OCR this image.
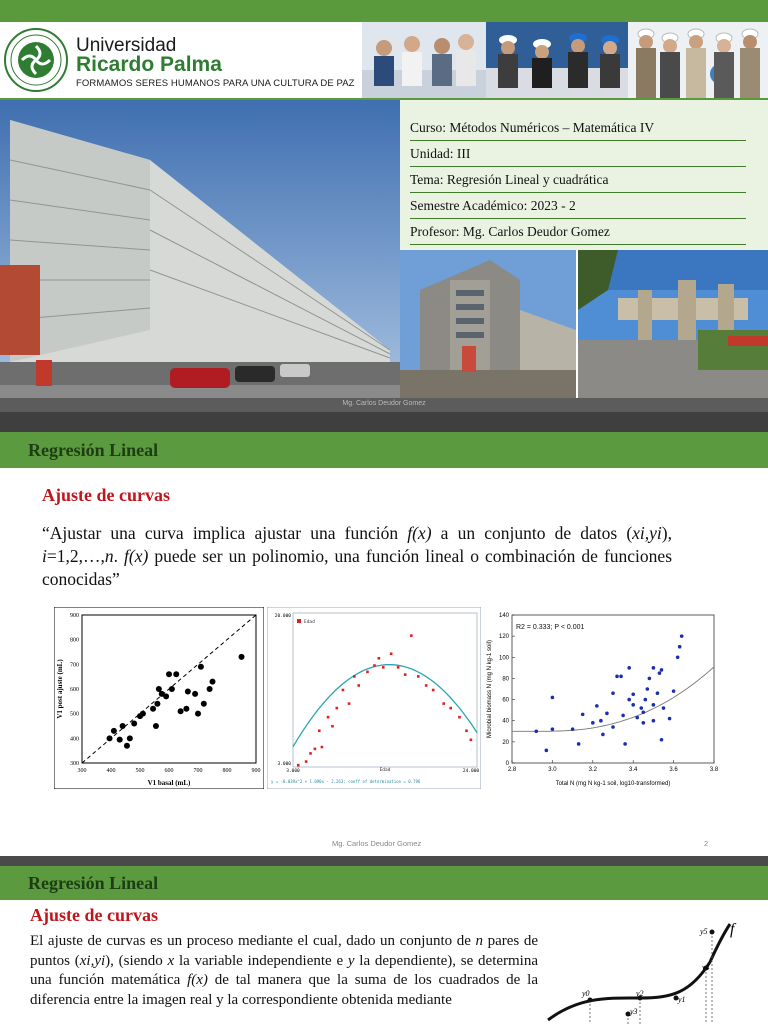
Universidad
Ricardo Palma
FORMAMOS SERES HUMANOS PARA UNA CULTURA DE PAZ
Curso: Métodos Numéricos – Matemática IV
Unidad: III
Tema: Regresión Lineal y cuadrática
Semestre Académico: 2023 - 2
Profesor: Mg. Carlos Deudor Gomez
Mg. Carlos Deudor Gomez
Regresión Lineal
Ajuste de curvas
“Ajustar una curva implica ajustar una función f(x) a un conjunto de datos (xi,yi), i=1,2,…,n. f(x) puede ser un polinomio, una función lineal o combinación de funciones conocidas”
300	400	500	600	700	800	900
300
400
500
600
700
800
900
V1 basal (mL)
V1 post ajuste (mL)
3.000	24.000
3.000
20.000
Edad
Edad
y = -0.039x^2 + 1.090x - 2.263; coeff of determination = 0.796
2.8	3.0	3.2	3.4	3.6	3.8
0
20
40
60
80
100
120
140
R2 = 0.333; P < 0.001
Total N (mg N kg-1 soil, log10-transformed)
Microbial biomass N (mg N kg-1 soil)
Mg. Carlos Deudor Gomez	2
Regresión Lineal
Ajuste de curvas
El ajuste de curvas es un proceso mediante el cual, dado un conjunto de n pares de puntos (xi,yi), (siendo x la variable independiente e y la dependiente), se determina una función matemática f(x) de tal manera que la suma de los cuadrados de la diferencia entre la imagen real y la correspondiente obtenida mediante
f
y5
y4
y2
y1
y3
y0
